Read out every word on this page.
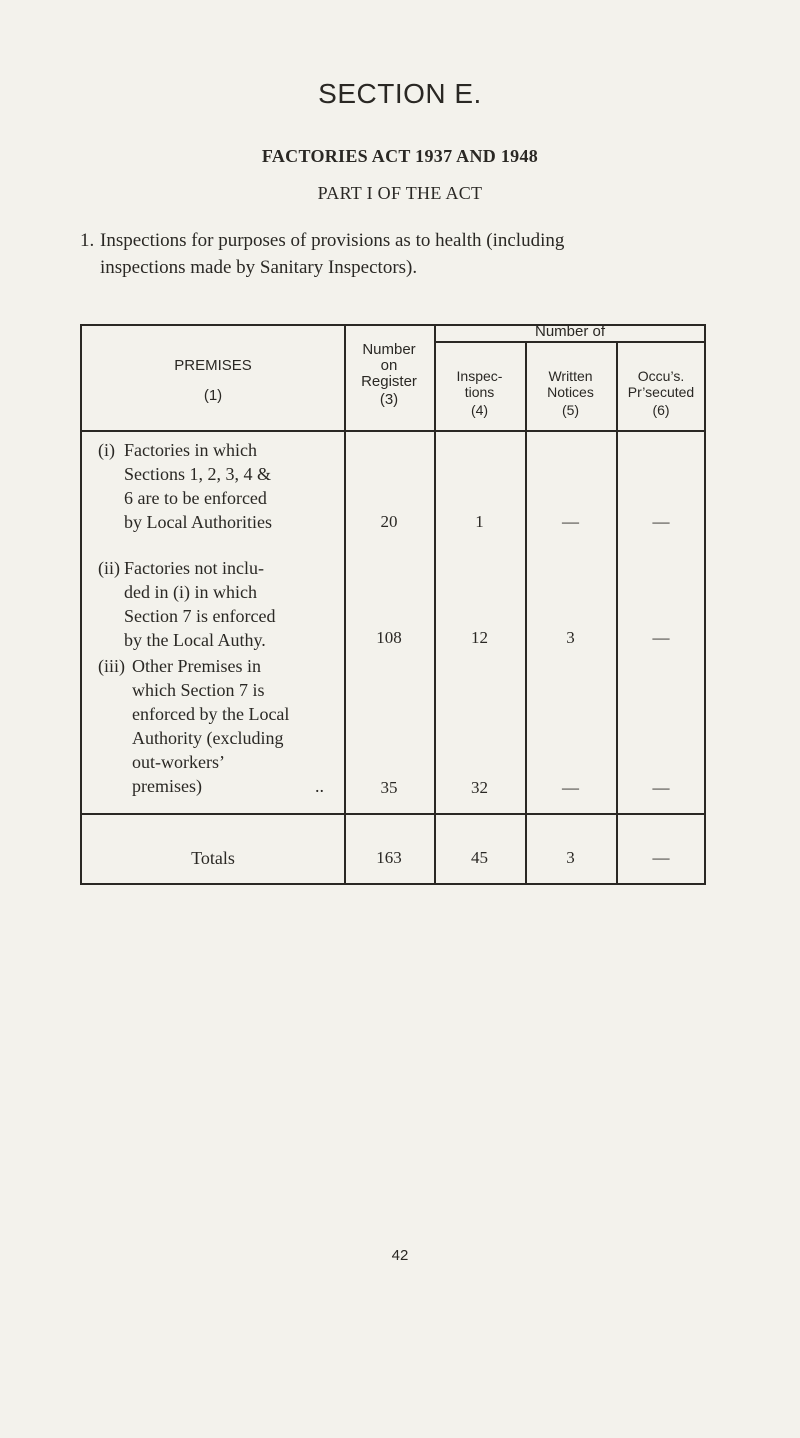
SECTION E.
FACTORIES ACT 1937 AND 1948
PART I OF THE ACT
1. Inspections for purposes of provisions as to health (including
inspections made by Sanitary Inspectors).
PREMISES
(1)
Number
on
Register
(3)
Number of
Inspec-
tions
(4)
Written
Notices
(5)
Occu’s.
Pr’secuted
(6)
(i) Factories in which
Sections 1, 2, 3, 4 &
6 are to be enforced
by Local Authorities	20	1	—	—
(ii) Factories not inclu-
ded in (i) in which
Section 7 is enforced
by the Local Authy.	108	12	3	—
(iii) Other Premises in
which Section 7 is
enforced by the Local
Authority (excluding
out-workers’
premises)	..	35	32	—	—
Totals	163	45	3	—
42
